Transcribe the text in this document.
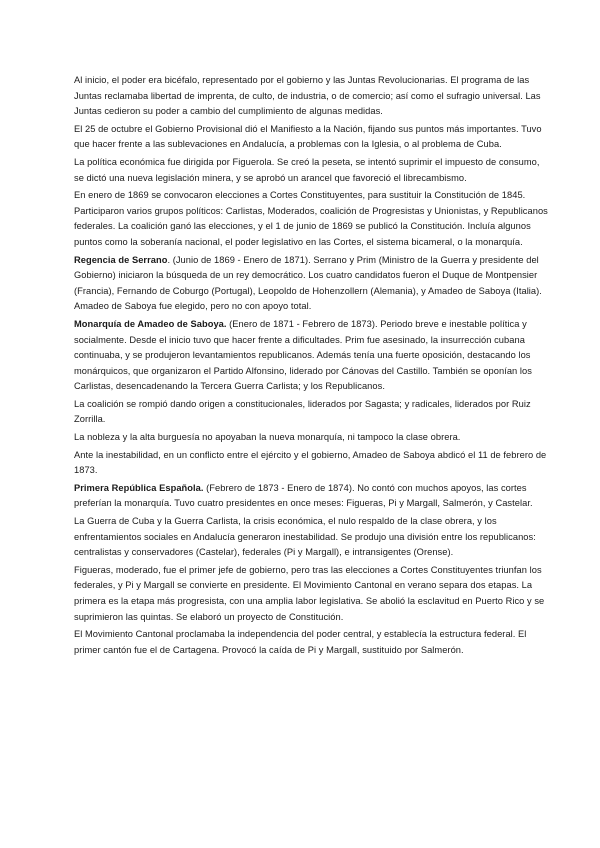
Al inicio, el poder era bicéfalo, representado por el gobierno y las Juntas Revolucionarias. El programa de las Juntas reclamaba libertad de imprenta, de culto, de industria, o de comercio; así como el sufragio universal. Las Juntas cedieron su poder a cambio del cumplimiento de algunas medidas.

El 25 de octubre el Gobierno Provisional dió el Manifiesto a la Nación, fijando sus puntos más importantes. Tuvo que hacer frente a las sublevaciones en Andalucía, a problemas con la Iglesia, o al problema de Cuba.

La política económica fue dirigida por Figuerola. Se creó la peseta, se intentó suprimir el impuesto de consumo, se dictó una nueva legislación minera, y se aprobó un arancel que favoreció el librecambismo.

En enero de 1869 se convocaron elecciones a Cortes Constituyentes, para sustituir la Constitución de 1845. Participaron varios grupos políticos: Carlistas, Moderados, coalición de Progresistas y Unionistas, y Republicanos federales. La coalición ganó las elecciones, y el 1 de junio de 1869 se publicó la Constitución. Incluía algunos puntos como la soberanía nacional, el poder legislativo en las Cortes, el sistema bicameral, o la monarquía.

Regencia de Serrano. (Junio de 1869 - Enero de 1871). Serrano y Prim (Ministro de la Guerra y presidente del Gobierno) iniciaron la búsqueda de un rey democrático. Los cuatro candidatos fueron el Duque de Montpensier (Francia), Fernando de Coburgo (Portugal), Leopoldo de Hohenzollern (Alemania), y Amadeo de Saboya (Italia). Amadeo de Saboya fue elegido, pero no con apoyo total.

Monarquía de Amadeo de Saboya. (Enero de 1871 - Febrero de 1873). Periodo breve e inestable política y socialmente. Desde el inicio tuvo que hacer frente a dificultades. Prim fue asesinado, la insurrección cubana continuaba, y se produjeron levantamientos republicanos. Además tenía una fuerte oposición, destacando los monárquicos, que organizaron el Partido Alfonsino, liderado por Cánovas del Castillo. También se oponían los Carlistas, desencadenando la Tercera Guerra Carlista; y los Republicanos.

La coalición se rompió dando origen a constitucionales, liderados por Sagasta; y radicales, liderados por Ruiz Zorrilla.

La nobleza y la alta burguesía no apoyaban la nueva monarquía, ni tampoco la clase obrera.

Ante la inestabilidad, en un conflicto entre el ejército y el gobierno, Amadeo de Saboya abdicó el 11 de febrero de 1873.

Primera República Española. (Febrero de 1873 - Enero de 1874). No contó con muchos apoyos, las cortes preferían la monarquía. Tuvo cuatro presidentes en once meses: Figueras, Pi y Margall, Salmerón, y Castelar.

La Guerra de Cuba y la Guerra Carlista, la crisis económica, el nulo respaldo de la clase obrera, y los enfrentamientos sociales en Andalucía generaron inestabilidad. Se produjo una división entre los republicanos: centralistas y conservadores (Castelar), federales (Pi y Margall), e intransigentes (Orense).

Figueras, moderado, fue el primer jefe de gobierno, pero tras las elecciones a Cortes Constituyentes triunfan los federales, y Pi y Margall se convierte en presidente. El Movimiento Cantonal en verano separa dos etapas. La primera es la etapa más progresista, con una amplia labor legislativa. Se abolió la esclavitud en Puerto Rico y se suprimieron las quintas. Se elaboró un proyecto de Constitución.

El Movimiento Cantonal proclamaba la independencia del poder central, y establecía la estructura federal. El primer cantón fue el de Cartagena. Provocó la caída de Pi y Margall, sustituido por Salmerón.
